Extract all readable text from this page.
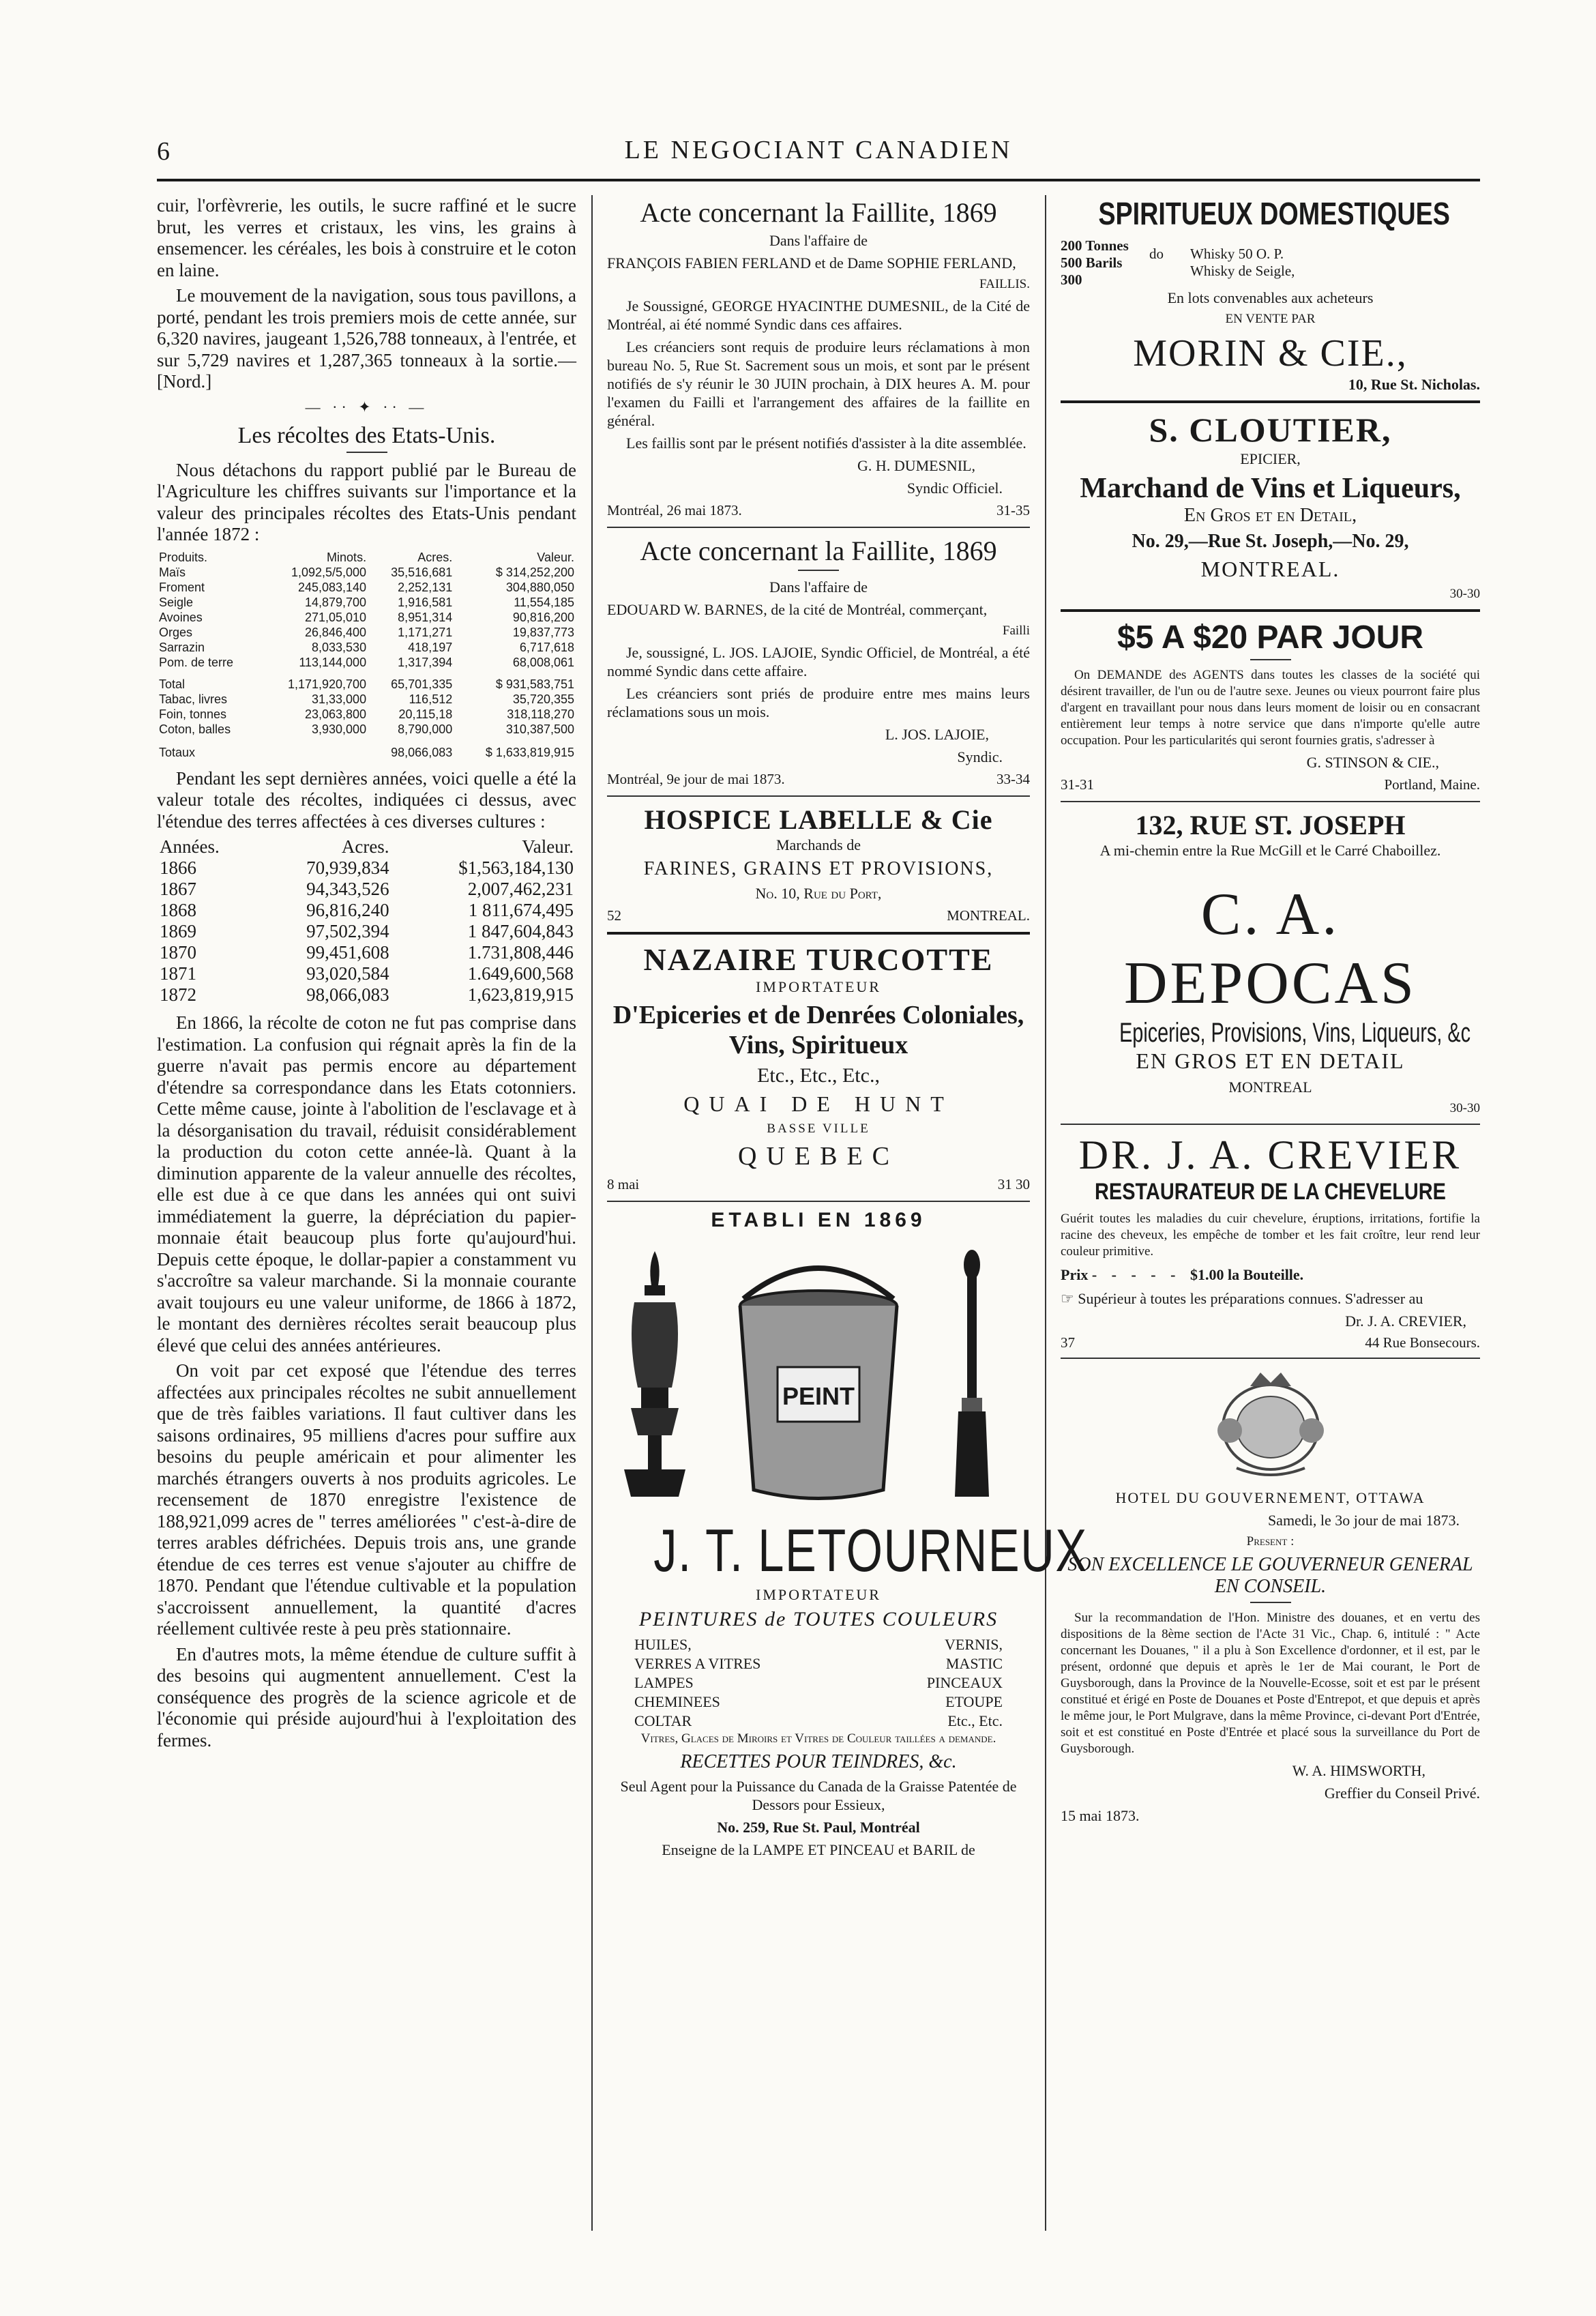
6	LE NEGOCIANT CANADIEN

cuir, l'orfèvrerie, les outils, le sucre raffiné et le sucre brut, les verres et cristaux, les vins, les grains à ensemencer. les céréales, les bois à construire et le coton en laine.

Le mouvement de la navigation, sous tous pavillons, a porté, pendant les trois premiers mois de cette année, sur 6,320 navires, jaugeant 1,526,788 tonneaux, à l'entrée, et sur 5,729 navires et 1,287,365 tonneaux à la sortie.— [Nord.]

— ·· ✦ ·· —
Les récoltes des Etats-Unis.

Nous détachons du rapport publié par le Bureau de l'Agriculture les chiffres suivants sur l'importance et la valeur des principales récoltes des Etats-Unis pendant l'année 1872 :

Produits.	Minots.	Acres.	Valeur.
Maïs	1,092,5/5,000	35,516,681	$ 314,252,200
Froment	245,083,140	2,252,131	304,880,050
Seigle	14,879,700	1,916,581	11,554,185
Avoines	271,05,010	8,951,314	90,816,200
Orges	26,846,400	1,171,271	19,837,773
Sarrazin	8,033,530	418,197	6,717,618
Pom. de terre	113,144,000	1,317,394	68,008,061
Total	1,171,920,700	65,701,335	$ 931,583,751
Tabac, livres	31,33,000	116,512	35,720,355
Foin, tonnes	23,063,800	20,115,18	318,118,270
Coton, balles	3,930,000	8,790,000	310,387,500
Totaux		98,066,083	$ 1,633,819,915

Pendant les sept dernières années, voici quelle a été la valeur totale des récoltes, indiquées ci dessus, avec l'étendue des terres affectées à ces diverses cultures :

Années.	Acres.	Valeur.
1866	70,939,834	$1,563,184,130
1867	94,343,526	2,007,462,231
1868	96,816,240	1 811,674,495
1869	97,502,394	1 847,604,843
1870	99,451,608	1.731,808,446
1871	93,020,584	1.649,600,568
1872	98,066,083	1,623,819,915

En 1866, la récolte de coton ne fut pas comprise dans l'estimation. La confusion qui régnait après la fin de la guerre n'avait pas permis encore au département d'étendre sa correspondance dans les Etats cotonniers. Cette même cause, jointe à l'abolition de l'esclavage et à la désorganisation du travail, réduisit considérablement la production du coton cette année-là. Quant à la diminution apparente de la valeur annuelle des récoltes, elle est due à ce que dans les années qui ont suivi immédiatement la guerre, la dépréciation du papier-monnaie était beaucoup plus forte qu'aujourd'hui. Depuis cette époque, le dollar-papier a constamment vu s'accroître sa valeur marchande. Si la monnaie courante avait toujours eu une valeur uniforme, de 1866 à 1872, le montant des dernières récoltes serait beaucoup plus élevé que celui des années antérieures.

On voit par cet exposé que l'étendue des terres affectées aux principales récoltes ne subit annuellement que de très faibles variations. Il faut cultiver dans les saisons ordinaires, 95 milliens d'acres pour suffire aux besoins du peuple américain et pour alimenter les marchés étrangers ouverts à nos produits agricoles. Le recensement de 1870 enregistre l'existence de 188,921,099 acres de " terres améliorées " c'est-à-dire de terres arables défrichées. Depuis trois ans, une grande étendue de ces terres est venue s'ajouter au chiffre de 1870. Pendant que l'étendue cultivable et la population s'accroissent annuellement, la quantité d'acres réellement cultivée reste à peu près stationnaire.

En d'autres mots, la même étendue de culture suffit à des besoins qui augmentent annuellement. C'est la conséquence des progrès de la science agricole et de l'économie qui préside aujourd'hui à l'exploitation des fermes.

Acte concernant la Faillite, 1869

Dans l'affaire de

FRANÇOIS FABIEN FERLAND et de Dame SOPHIE FERLAND,

FAILLIS.

Je Soussigné, GEORGE HYACINTHE DUMESNIL, de la Cité de Montréal, ai été nommé Syndic dans ces affaires.

Les créanciers sont requis de produire leurs réclamations à mon bureau No. 5, Rue St. Sacrement sous un mois, et sont par le présent notifiés de s'y réunir le 30 JUIN prochain, à DIX heures A. M. pour l'examen du Failli et l'arrangement des affaires de la faillite en général.

Les faillis sont par le présent notifiés d'assister à la dite assemblée.

G. H. DUMESNIL,

Syndic Officiel.

Montréal, 26 mai 1873.	31-35
Acte concernant la Faillite, 1869

Dans l'affaire de

EDOUARD W. BARNES, de la cité de Montréal, commerçant,

Failli

Je, soussigné, L. JOS. LAJOIE, Syndic Officiel, de Montréal, a été nommé Syndic dans cette affaire.

Les créanciers sont priés de produire entre mes mains leurs réclamations sous un mois.

L. JOS. LAJOIE,

Syndic.

Montréal, 9e jour de mai 1873.	33-34
HOSPICE LABELLE & Cie

Marchands de

FARINES, GRAINS ET PROVISIONS,

No. 10, Rue du Port,

52	MONTREAL.
NAZAIRE TURCOTTE

IMPORTATEUR

D'Epiceries et de Denrées Coloniales, Vins, Spiritueux

Etc., Etc., Etc.,

QUAI DE HUNT

BASSE VILLE

QUEBEC

8 mai	31 30

ETABLI EN 1869

PEINT
J. T. LETOURNEUX

IMPORTATEUR

PEINTURES de TOUTES COULEURS

HUILES,	VERNIS,
VERRES A VITRES	MASTIC
LAMPES	PINCEAUX
CHEMINEES	ETOUPE
COLTAR	Etc., Etc.

Vitres, Glaces de Miroirs et Vitres de Couleur taillées a demande.

RECETTES POUR TEINDRES, &c.

Seul Agent pour la Puissance du Canada de la Graisse Patentée de Dessors pour Essieux,

No. 259, Rue St. Paul, Montréal

Enseigne de la LAMPE ET PINCEAU et BARIL de

SPIRITUEUX DOMESTIQUES
200 Tonnes
500 Barils
300
do	Whisky 50 O. P.
Whisky de Seigle,

En lots convenables aux acheteurs

EN VENTE PAR

MORIN & CIE.,

10, Rue St. Nicholas.

S. CLOUTIER,

EPICIER,

Marchand de Vins et Liqueurs,

En Gros et en Detail,

No. 29,—Rue St. Joseph,—No. 29,

MONTREAL.

30-30

$5 A $20 PAR JOUR

On DEMANDE des AGENTS dans toutes les classes de la société qui désirent travailler, de l'un ou de l'autre sexe. Jeunes ou vieux pourront faire plus d'argent en travaillant pour nous dans leurs moment de loisir ou en consacrant entièrement leur temps à notre service que dans n'importe qu'elle autre occupation. Pour les particularités qui seront fournies gratis, s'adresser à

G. STINSON & CIE.,

31-31	Portland, Maine.
132, RUE ST. JOSEPH

A mi-chemin entre la Rue McGill et le Carré Chaboillez.

C. A. DEPOCAS
Epiceries, Provisions, Vins, Liqueurs, &c

EN GROS ET EN DETAIL

MONTREAL

30-30

DR. J. A. CREVIER
RESTAURATEUR DE LA CHEVELURE

Guérit toutes les maladies du cuir chevelure, éruptions, irritations, fortifie la racine des cheveux, les empêche de tomber et les fait croître, leur rend leur couleur primitive.

Prix - - - - - $1.00 la Bouteille.

☞ Supérieur à toutes les préparations connues. S'adresser au

Dr. J. A. CREVIER,

37	44 Rue Bonsecours.

HOTEL DU GOUVERNEMENT, OTTAWA

Samedi, le 3o jour de mai 1873.

Present :

SON EXCELLENCE LE GOUVERNEUR GENERAL EN CONSEIL.

Sur la recommandation de l'Hon. Ministre des douanes, et en vertu des dispositions de la 8ème section de l'Acte 31 Vic., Chap. 6, intitulé : " Acte concernant les Douanes, " il a plu à Son Excellence d'ordonner, et il est, par le présent, ordonné que depuis et après le 1er de Mai courant, le Port de Guysborough, dans la Province de la Nouvelle-Ecosse, soit et est par le présent constitué et érigé en Poste de Douanes et Poste d'Entrepot, et que depuis et après le même jour, le Port Mulgrave, dans la même Province, ci-devant Port d'Entrée, soit et est constitué en Poste d'Entrée et placé sous la surveillance du Port de Guysborough.

W. A. HIMSWORTH,

Greffier du Conseil Privé.

15 mai 1873.
